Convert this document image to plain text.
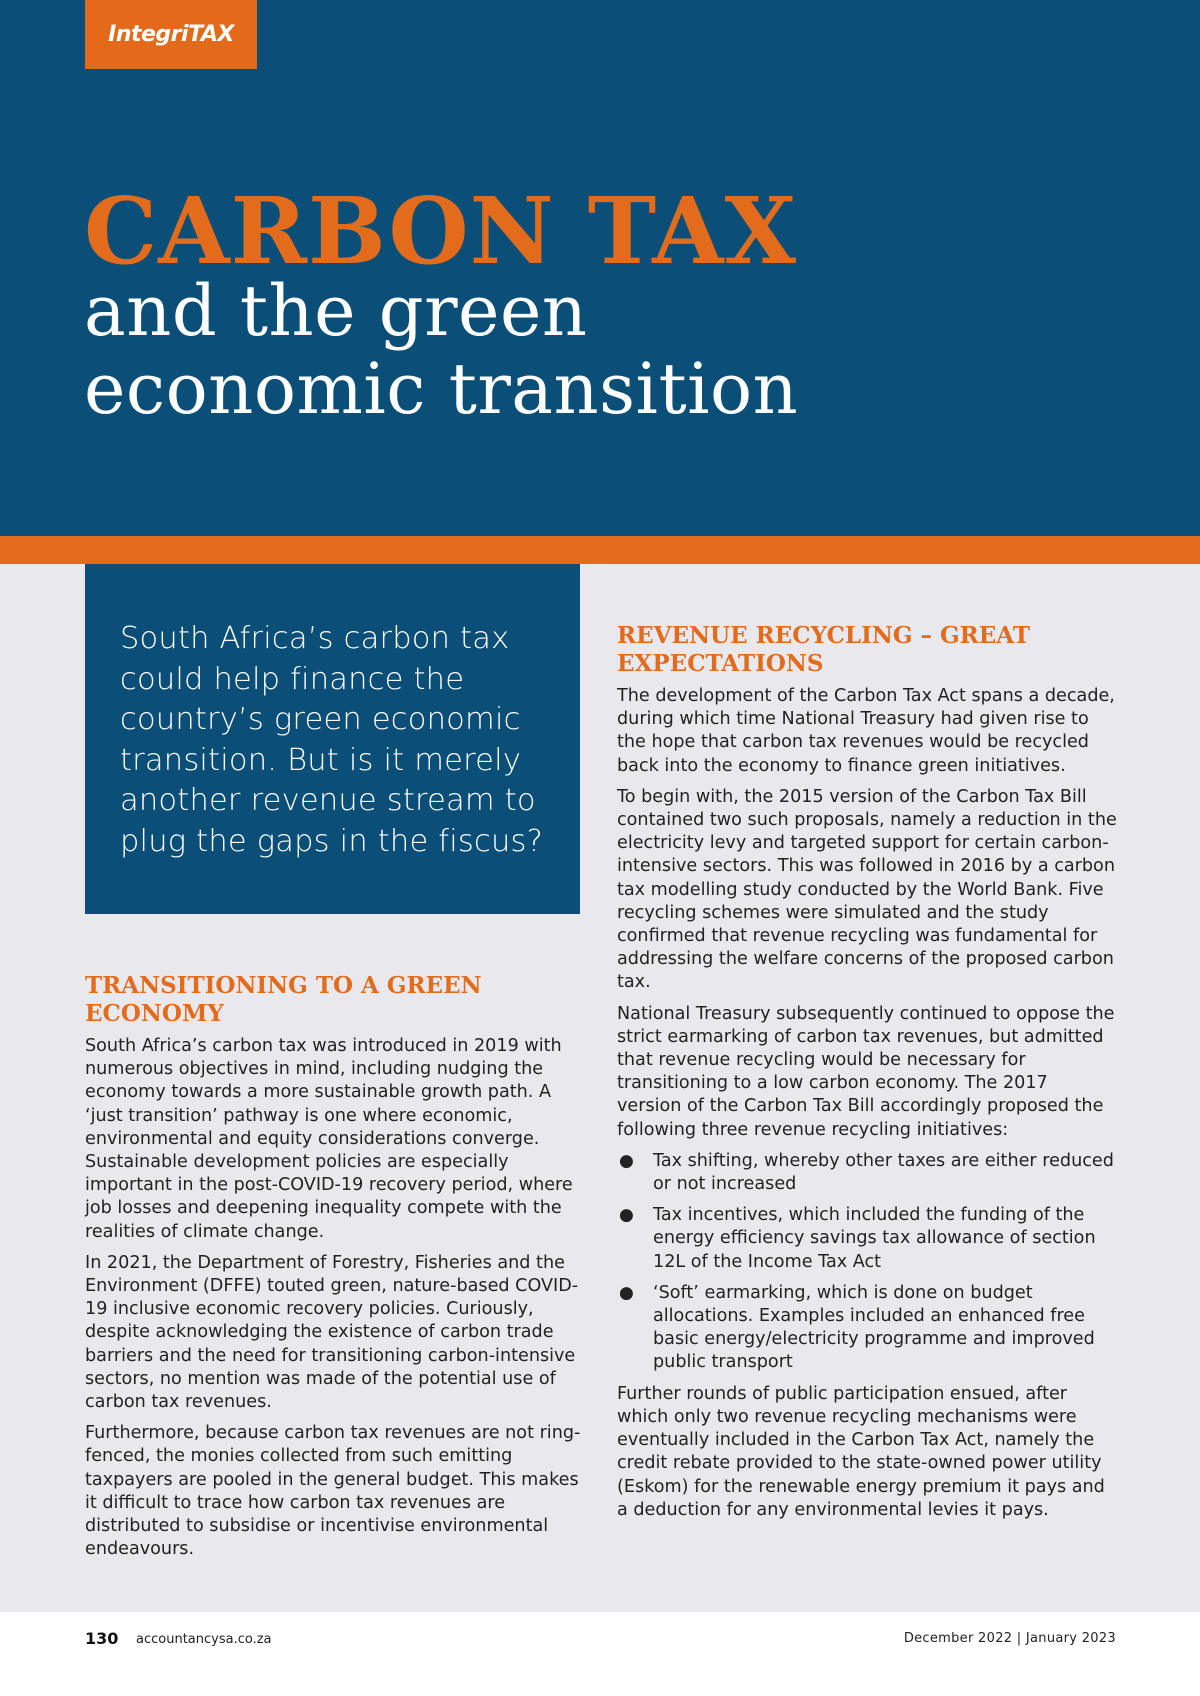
IntegriTAX
CARBON TAX
and the green
economic transition

South Africa’s carbon tax could help finance the country’s green economic transition. But is it merely another revenue stream to plug the gaps in the fiscus?

TRANSITIONING TO A GREEN ECONOMY

South Africa’s carbon tax was introduced in 2019 with numerous objectives in mind, including nudging the economy towards a more sustainable growth path. A ‘just transition’ pathway is one where economic, environmental and equity considerations converge. Sustainable development policies are especially important in the post-COVID-19 recovery period, where job losses and deepening inequality compete with the realities of climate change.

In 2021, the Department of Forestry, Fisheries and the Environment (DFFE) touted green, nature-based COVID-19 inclusive economic recovery policies. Curiously, despite acknowledging the existence of carbon trade barriers and the need for transitioning carbon-intensive sectors, no mention was made of the potential use of carbon tax revenues.

Furthermore, because carbon tax revenues are not ring-fenced, the monies collected from such emitting taxpayers are pooled in the general budget. This makes it difficult to trace how carbon tax revenues are distributed to subsidise or incentivise environmental endeavours.

REVENUE RECYCLING – GREAT EXPECTATIONS

The development of the Carbon Tax Act spans a decade, during which time National Treasury had given rise to the hope that carbon tax revenues would be recycled back into the economy to finance green initiatives.

To begin with, the 2015 version of the Carbon Tax Bill contained two such proposals, namely a reduction in the electricity levy and targeted support for certain carbon-intensive sectors. This was followed in 2016 by a carbon tax modelling study conducted by the World Bank. Five recycling schemes were simulated and the study confirmed that revenue recycling was fundamental for addressing the welfare concerns of the proposed carbon tax.

National Treasury subsequently continued to oppose the strict earmarking of carbon tax revenues, but admitted that revenue recycling would be necessary for transitioning to a low carbon economy. The 2017 version of the Carbon Tax Bill accordingly proposed the following three revenue recycling initiatives:

● Tax shifting, whereby other taxes are either reduced or not increased
● Tax incentives, which included the funding of the energy efficiency savings tax allowance of section 12L of the Income Tax Act
● ‘Soft’ earmarking, which is done on budget allocations. Examples included an enhanced free basic energy/electricity programme and improved public transport

Further rounds of public participation ensued, after which only two revenue recycling mechanisms were eventually included in the Carbon Tax Act, namely the credit rebate provided to the state-owned power utility (Eskom) for the renewable energy premium it pays and a deduction for any environmental levies it pays.

130 accountancysa.co.za	December 2022 | January 2023
